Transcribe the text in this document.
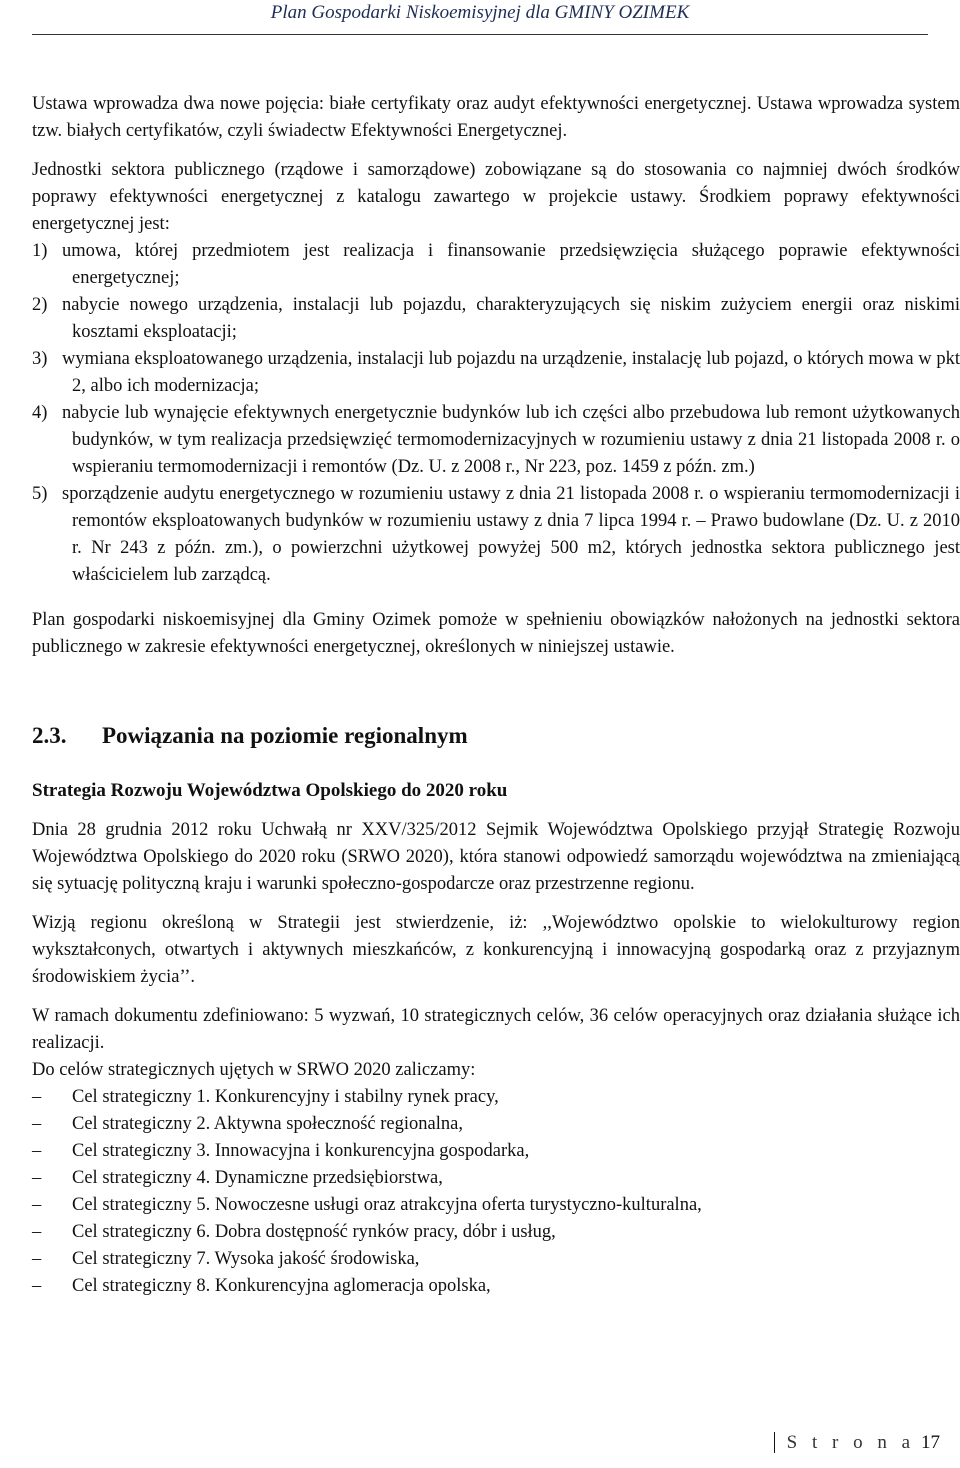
Plan Gospodarki Niskoemisyjnej dla GMINY OZIMEK

Ustawa wprowadza dwa nowe pojęcia: białe certyfikaty oraz audyt efektywności energetycznej. Ustawa wprowadza system tzw. białych certyfikatów, czyli świadectw Efektywności Energetycznej.

Jednostki sektora publicznego (rządowe i samorządowe) zobowiązane są do stosowania co najmniej dwóch środków poprawy efektywności energetycznej z katalogu zawartego w projekcie ustawy. Środkiem poprawy efektywności energetycznej jest:

1) umowa, której przedmiotem jest realizacja i finansowanie przedsięwzięcia służącego poprawie efektywności energetycznej;
2) nabycie nowego urządzenia, instalacji lub pojazdu, charakteryzujących się niskim zużyciem energii oraz niskimi kosztami eksploatacji;
3) wymiana eksploatowanego urządzenia, instalacji lub pojazdu na urządzenie, instalację lub pojazd, o których mowa w pkt 2, albo ich modernizacja;
4) nabycie lub wynajęcie efektywnych energetycznie budynków lub ich części albo przebudowa lub remont użytkowanych budynków, w tym realizacja przedsięwzięć termomodernizacyjnych w rozumieniu ustawy z dnia 21 listopada 2008 r. o wspieraniu termomodernizacji i remontów (Dz. U. z 2008 r., Nr 223, poz. 1459 z późn. zm.)
5) sporządzenie audytu energetycznego w rozumieniu ustawy z dnia 21 listopada 2008 r. o wspieraniu termomodernizacji i remontów eksploatowanych budynków w rozumieniu ustawy z dnia 7 lipca 1994 r. – Prawo budowlane (Dz. U. z 2010 r. Nr 243 z późn. zm.), o powierzchni użytkowej powyżej 500 m2, których jednostka sektora publicznego jest właścicielem lub zarządcą.

Plan gospodarki niskoemisyjnej dla Gminy Ozimek pomoże w spełnieniu obowiązków nałożonych na jednostki sektora publicznego w zakresie efektywności energetycznej, określonych w niniejszej ustawie.

2.3. Powiązania na poziomie regionalnym
Strategia Rozwoju Województwa Opolskiego do 2020 roku

Dnia 28 grudnia 2012 roku Uchwałą nr XXV/325/2012 Sejmik Województwa Opolskiego przyjął Strategię Rozwoju Województwa Opolskiego do 2020 roku (SRWO 2020), która stanowi odpowiedź samorządu województwa na zmieniającą się sytuację polityczną kraju i warunki społeczno-gospodarcze oraz przestrzenne regionu.

Wizją regionu określoną w Strategii jest stwierdzenie, iż: ,,Województwo opolskie to wielokulturowy region wykształconych, otwartych i aktywnych mieszkańców, z konkurencyjną i innowacyjną gospodarką oraz z przyjaznym środowiskiem życia’’.

W ramach dokumentu zdefiniowano: 5 wyzwań, 10 strategicznych celów, 36 celów operacyjnych oraz działania służące ich realizacji.

Do celów strategicznych ujętych w SRWO 2020 zaliczamy:

–	Cel strategiczny 1. Konkurencyjny i stabilny rynek pracy,
–	Cel strategiczny 2. Aktywna społeczność regionalna,
–	Cel strategiczny 3. Innowacyjna i konkurencyjna gospodarka,
–	Cel strategiczny 4. Dynamiczne przedsiębiorstwa,
–	Cel strategiczny 5. Nowoczesne usługi oraz atrakcyjna oferta turystyczno-kulturalna,
–	Cel strategiczny 6. Dobra dostępność rynków pracy, dóbr i usług,
–	Cel strategiczny 7. Wysoka jakość środowiska,
–	Cel strategiczny 8. Konkurencyjna aglomeracja opolska,
S t r o n a 17
